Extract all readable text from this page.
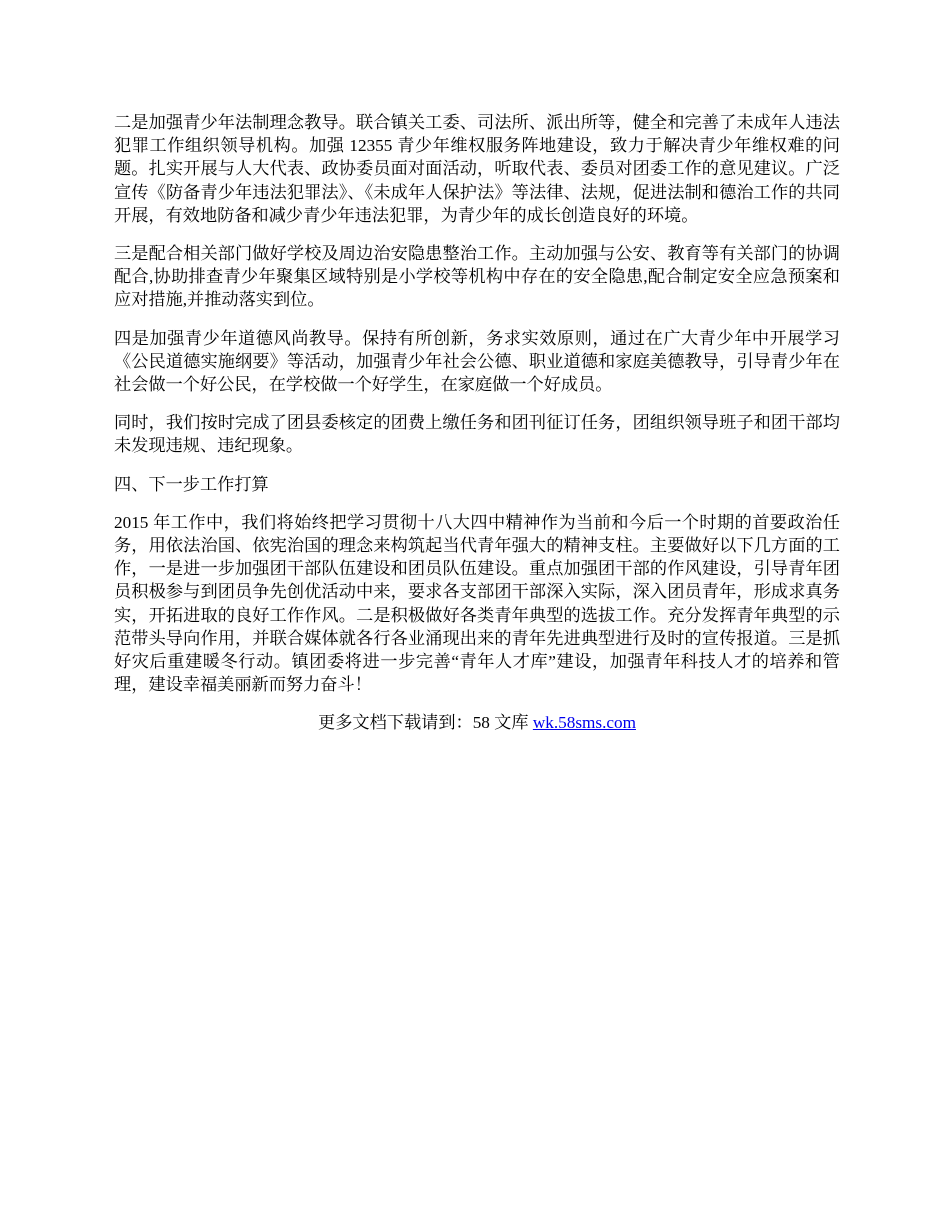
二是加强青少年法制理念教导。联合镇关工委、司法所、派出所等，健全和完善了未成年人违法犯罪工作组织领导机构。加强 12355 青少年维权服务阵地建设，致力于解决青少年维权难的问题。扎实开展与人大代表、政协委员面对面活动，听取代表、委员对团委工作的意见建议。广泛宣传《防备青少年违法犯罪法》、《未成年人保护法》等法律、法规，促进法制和德治工作的共同开展，有效地防备和减少青少年违法犯罪，为青少年的成长创造良好的环境。

三是配合相关部门做好学校及周边治安隐患整治工作。主动加强与公安、教育等有关部门的协调配合,协助排查青少年聚集区域特别是小学校等机构中存在的安全隐患,配合制定安全应急预案和应对措施,并推动落实到位。

四是加强青少年道德风尚教导。保持有所创新，务求实效原则，通过在广大青少年中开展学习《公民道德实施纲要》等活动，加强青少年社会公德、职业道德和家庭美德教导，引导青少年在社会做一个好公民，在学校做一个好学生，在家庭做一个好成员。

同时，我们按时完成了团县委核定的团费上缴任务和团刊征订任务，团组织领导班子和团干部均未发现违规、违纪现象。

四、下一步工作打算

2015 年工作中，我们将始终把学习贯彻十八大四中精神作为当前和今后一个时期的首要政治任务，用依法治国、依宪治国的理念来构筑起当代青年强大的精神支柱。主要做好以下几方面的工作，一是进一步加强团干部队伍建设和团员队伍建设。重点加强团干部的作风建设，引导青年团员积极参与到团员争先创优活动中来，要求各支部团干部深入实际，深入团员青年，形成求真务实，开拓进取的良好工作作风。二是积极做好各类青年典型的选拔工作。充分发挥青年典型的示范带头导向作用，并联合媒体就各行各业涌现出来的青年先进典型进行及时的宣传报道。三是抓好灾后重建暖冬行动。镇团委将进一步完善“青年人才库”建设，加强青年科技人才的培养和管理，建设幸福美丽新而努力奋斗！

更多文档下载请到：58 文库 wk.58sms.com
